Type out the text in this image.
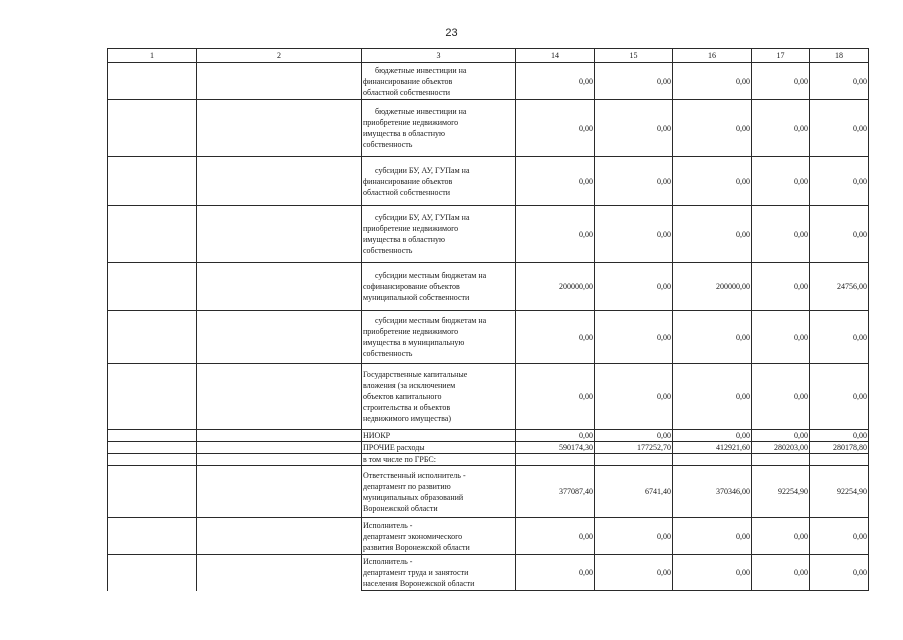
23
1	2	3	14	15	16	17	18
		бюджетные инвестиции на
финансирование объектов
областной собственности	0,00	0,00	0,00	0,00	0,00
		бюджетные инвестиции на
приобретение недвижимого
имущества в областную
собственность	0,00	0,00	0,00	0,00	0,00
		субсидии БУ, АУ, ГУПам на
финансирование объектов
областной собственности	0,00	0,00	0,00	0,00	0,00
		субсидии БУ, АУ, ГУПам на
приобретение недвижимого
имущества в областную
собственность	0,00	0,00	0,00	0,00	0,00
		субсидии местным бюджетам на
софинансирование объектов
муниципальной собственности	200000,00	0,00	200000,00	0,00	24756,00
		субсидии местным бюджетам на
приобретение недвижимого
имущества в муниципальную
собственность	0,00	0,00	0,00	0,00	0,00
		Государственные капитальные
вложения (за исключением
объектов капитального
строительства и объектов
недвижимого имущества)	0,00	0,00	0,00	0,00	0,00
		НИОКР	0,00	0,00	0,00	0,00	0,00
		ПРОЧИЕ расходы	590174,30	177252,70	412921,60	280203,00	280178,80
		в том числе по ГРБС:					
		Ответственный исполнитель -
департамент по развитию
муниципальных образований
Воронежской области	377087,40	6741,40	370346,00	92254,90	92254,90
		Исполнитель -
департамент экономического
развития Воронежской области	0,00	0,00	0,00	0,00	0,00
		Исполнитель -
департамент труда и занятости
населения Воронежской области	0,00	0,00	0,00	0,00	0,00
